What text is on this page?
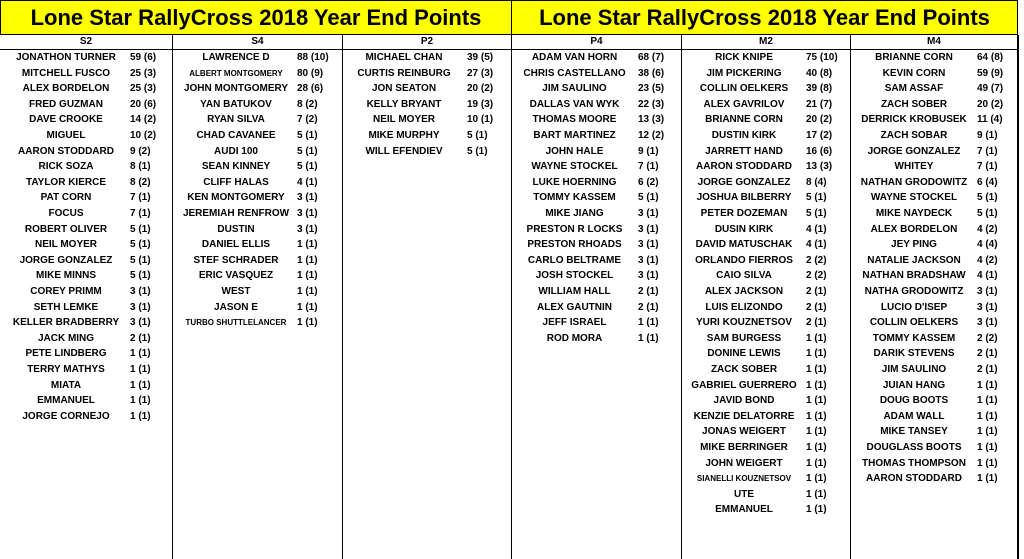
Lone Star RallyCross 2018 Year End Points	Lone Star RallyCross 2018 Year End Points
S2	S4	P2	P4	M2	M4
JONATHON TURNER	59 (6)
MITCHELL FUSCO	25 (3)
ALEX BORDELON	25 (3)
FRED GUZMAN	20 (6)
DAVE CROOKE	14 (2)
MIGUEL	10 (2)
AARON STODDARD	9 (2)
RICK SOZA	8 (1)
TAYLOR KIERCE	8 (2)
PAT CORN	7 (1)
FOCUS	7 (1)
ROBERT OLIVER	5 (1)
NEIL MOYER	5 (1)
JORGE GONZALEZ	5 (1)
MIKE MINNS	5 (1)
COREY PRIMM	3 (1)
SETH LEMKE	3 (1)
KELLER BRADBERRY	3 (1)
JACK MING	2 (1)
PETE LINDBERG	1 (1)
TERRY MATHYS	1 (1)
MIATA	1 (1)
EMMANUEL	1 (1)
JORGE CORNEJO	1 (1)
LAWRENCE D	88 (10)
ALBERT MONTGOMERY	80 (9)
JOHN MONTGOMERY 28 (6)
YAN BATUKOV	8 (2)
RYAN SILVA	7 (2)
CHAD CAVANEE	5 (1)
AUDI 100	5 (1)
SEAN KINNEY	5 (1)
CLIFF HALAS	4 (1)
KEN MONTGOMERY	3 (1)
JEREMIAH RENFROW 3 (1)
DUSTIN	3 (1)
DANIEL ELLIS	1 (1)
STEF SCHRADER	1 (1)
ERIC VASQUEZ	1 (1)
WEST	1 (1)
JASON E	1 (1)
TURBO SHUTTLELANCER	1 (1)
MICHAEL CHAN	39 (5)
CURTIS REINBURG	27 (3)
JON SEATON	20 (2)
KELLY BRYANT	19 (3)
NEIL MOYER	10 (1)
MIKE MURPHY	5 (1)
WILL EFENDIEV	5 (1)
ADAM VAN HORN	68 (7)
CHRIS CASTELLANO	38 (6)
JIM SAULINO	23 (5)
DALLAS VAN WYK	22 (3)
THOMAS MOORE	13 (3)
BART MARTINEZ	12 (2)
JOHN HALE	9 (1)
WAYNE STOCKEL	7 (1)
LUKE HOERNING	6 (2)
TOMMY KASSEM	5 (1)
MIKE JIANG	3 (1)
PRESTON R LOCKS	3 (1)
PRESTON RHOADS	3 (1)
CARLO BELTRAME	3 (1)
JOSH STOCKEL	3 (1)
WILLIAM HALL	2 (1)
ALEX GAUTNIN	2 (1)
JEFF ISRAEL	1 (1)
ROD MORA	1 (1)
RICK KNIPE	75 (10)
JIM PICKERING	40 (8)
COLLIN OELKERS	39 (8)
ALEX GAVRILOV	21 (7)
BRIANNE CORN	20 (2)
DUSTIN KIRK	17 (2)
JARRETT HAND	16 (6)
AARON STODDARD	13 (3)
JORGE GONZALEZ	8 (4)
JOSHUA BILBERRY	5 (1)
PETER DOZEMAN	5 (1)
DUSIN KIRK	4 (1)
DAVID MATUSCHAK	4 (1)
ORLANDO FIERROS	2 (2)
CAIO SILVA	2 (2)
ALEX JACKSON	2 (1)
LUIS ELIZONDO	2 (1)
YURI KOUZNETSOV	2 (1)
SAM BURGESS	1 (1)
DONINE LEWIS	1 (1)
ZACK SOBER	1 (1)
GABRIEL GUERRERO 1 (1)
JAVID BOND	1 (1)
KENZIE DELATORRE	1 (1)
JONAS WEIGERT	1 (1)
MIKE BERRINGER	1 (1)
JOHN WEIGERT	1 (1)
SIANELLI KOUZNETSOV	1 (1)
UTE	1 (1)
EMMANUEL	1 (1)
BRIANNE CORN	64 (8)
KEVIN CORN	59 (9)
SAM ASSAF	49 (7)
ZACH SOBER	20 (2)
DERRICK KROBUSEK	11 (4)
ZACH SOBAR	9 (1)
JORGE GONZALEZ	7 (1)
WHITEY	7 (1)
NATHAN GRODOWITZ 6 (4)
WAYNE STOCKEL	5 (1)
MIKE NAYDECK	5 (1)
ALEX BORDELON	4 (2)
JEY PING	4 (4)
NATALIE JACKSON	4 (2)
NATHAN BRADSHAW	4 (1)
NATHA GRODOWITZ	3 (1)
LUCIO D'ISEP	3 (1)
COLLIN OELKERS	3 (1)
TOMMY KASSEM	2 (2)
DARIK STEVENS	2 (1)
JIM SAULINO	2 (1)
JUIAN HANG	1 (1)
DOUG BOOTS	1 (1)
ADAM WALL	1 (1)
MIKE TANSEY	1 (1)
DOUGLASS BOOTS	1 (1)
THOMAS THOMPSON	1 (1)
AARON STODDARD	1 (1)
